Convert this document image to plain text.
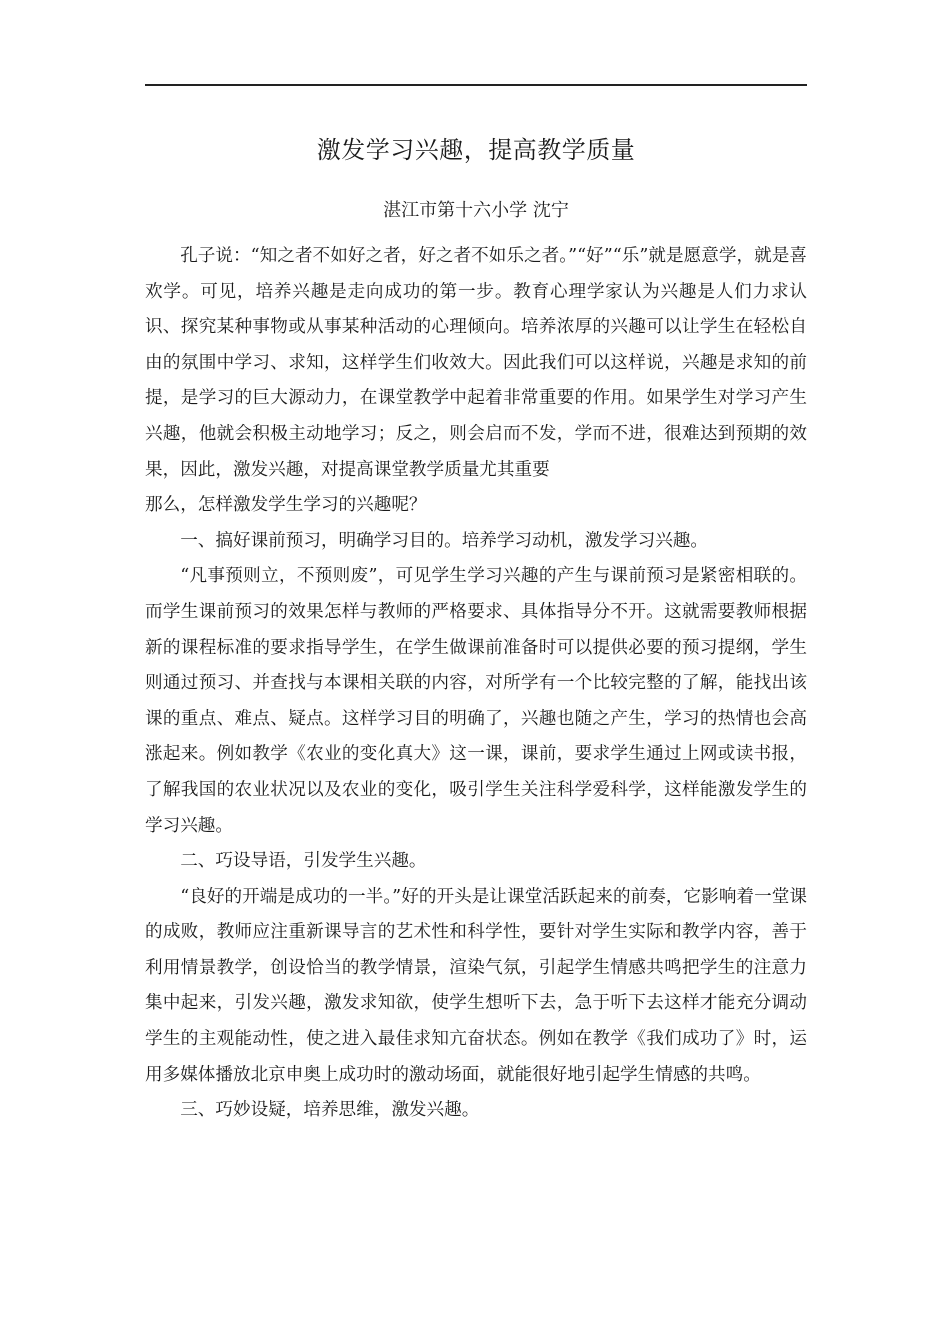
激发学习兴趣，提高教学质量
湛江市第十六小学 沈宁

孔子说：“知之者不如好之者，好之者不如乐之者。”“好”“乐”就是愿意学，就是喜欢学。可见，培养兴趣是走向成功的第一步。教育心理学家认为兴趣是人们力求认识、探究某种事物或从事某种活动的心理倾向。培养浓厚的兴趣可以让学生在轻松自由的氛围中学习、求知，这样学生们收效大。因此我们可以这样说，兴趣是求知的前提，是学习的巨大源动力，在课堂教学中起着非常重要的作用。如果学生对学习产生兴趣，他就会积极主动地学习；反之，则会启而不发，学而不进，很难达到预期的效果，因此，激发兴趣，对提高课堂教学质量尤其重要

那么，怎样激发学生学习的兴趣呢？

一、搞好课前预习，明确学习目的。培养学习动机，激发学习兴趣。

“凡事预则立，不预则废”，可见学生学习兴趣的产生与课前预习是紧密相联的。而学生课前预习的效果怎样与教师的严格要求、具体指导分不开。这就需要教师根据新的课程标准的要求指导学生，在学生做课前准备时可以提供必要的预习提纲，学生则通过预习、并查找与本课相关联的内容，对所学有一个比较完整的了解，能找出该课的重点、难点、疑点。这样学习目的明确了，兴趣也随之产生，学习的热情也会高涨起来。例如教学《农业的变化真大》这一课，课前，要求学生通过上网或读书报，了解我国的农业状况以及农业的变化，吸引学生关注科学爱科学，这样能激发学生的学习兴趣。

二、巧设导语，引发学生兴趣。

“良好的开端是成功的一半。”好的开头是让课堂活跃起来的前奏，它影响着一堂课的成败，教师应注重新课导言的艺术性和科学性，要针对学生实际和教学内容，善于利用情景教学，创设恰当的教学情景，渲染气氛，引起学生情感共鸣把学生的注意力集中起来，引发兴趣，激发求知欲，使学生想听下去，急于听下去这样才能充分调动学生的主观能动性，使之进入最佳求知亢奋状态。例如在教学《我们成功了》时，运用多媒体播放北京申奥上成功时的激动场面，就能很好地引起学生情感的共鸣。

三、巧妙设疑，培养思维，激发兴趣。
